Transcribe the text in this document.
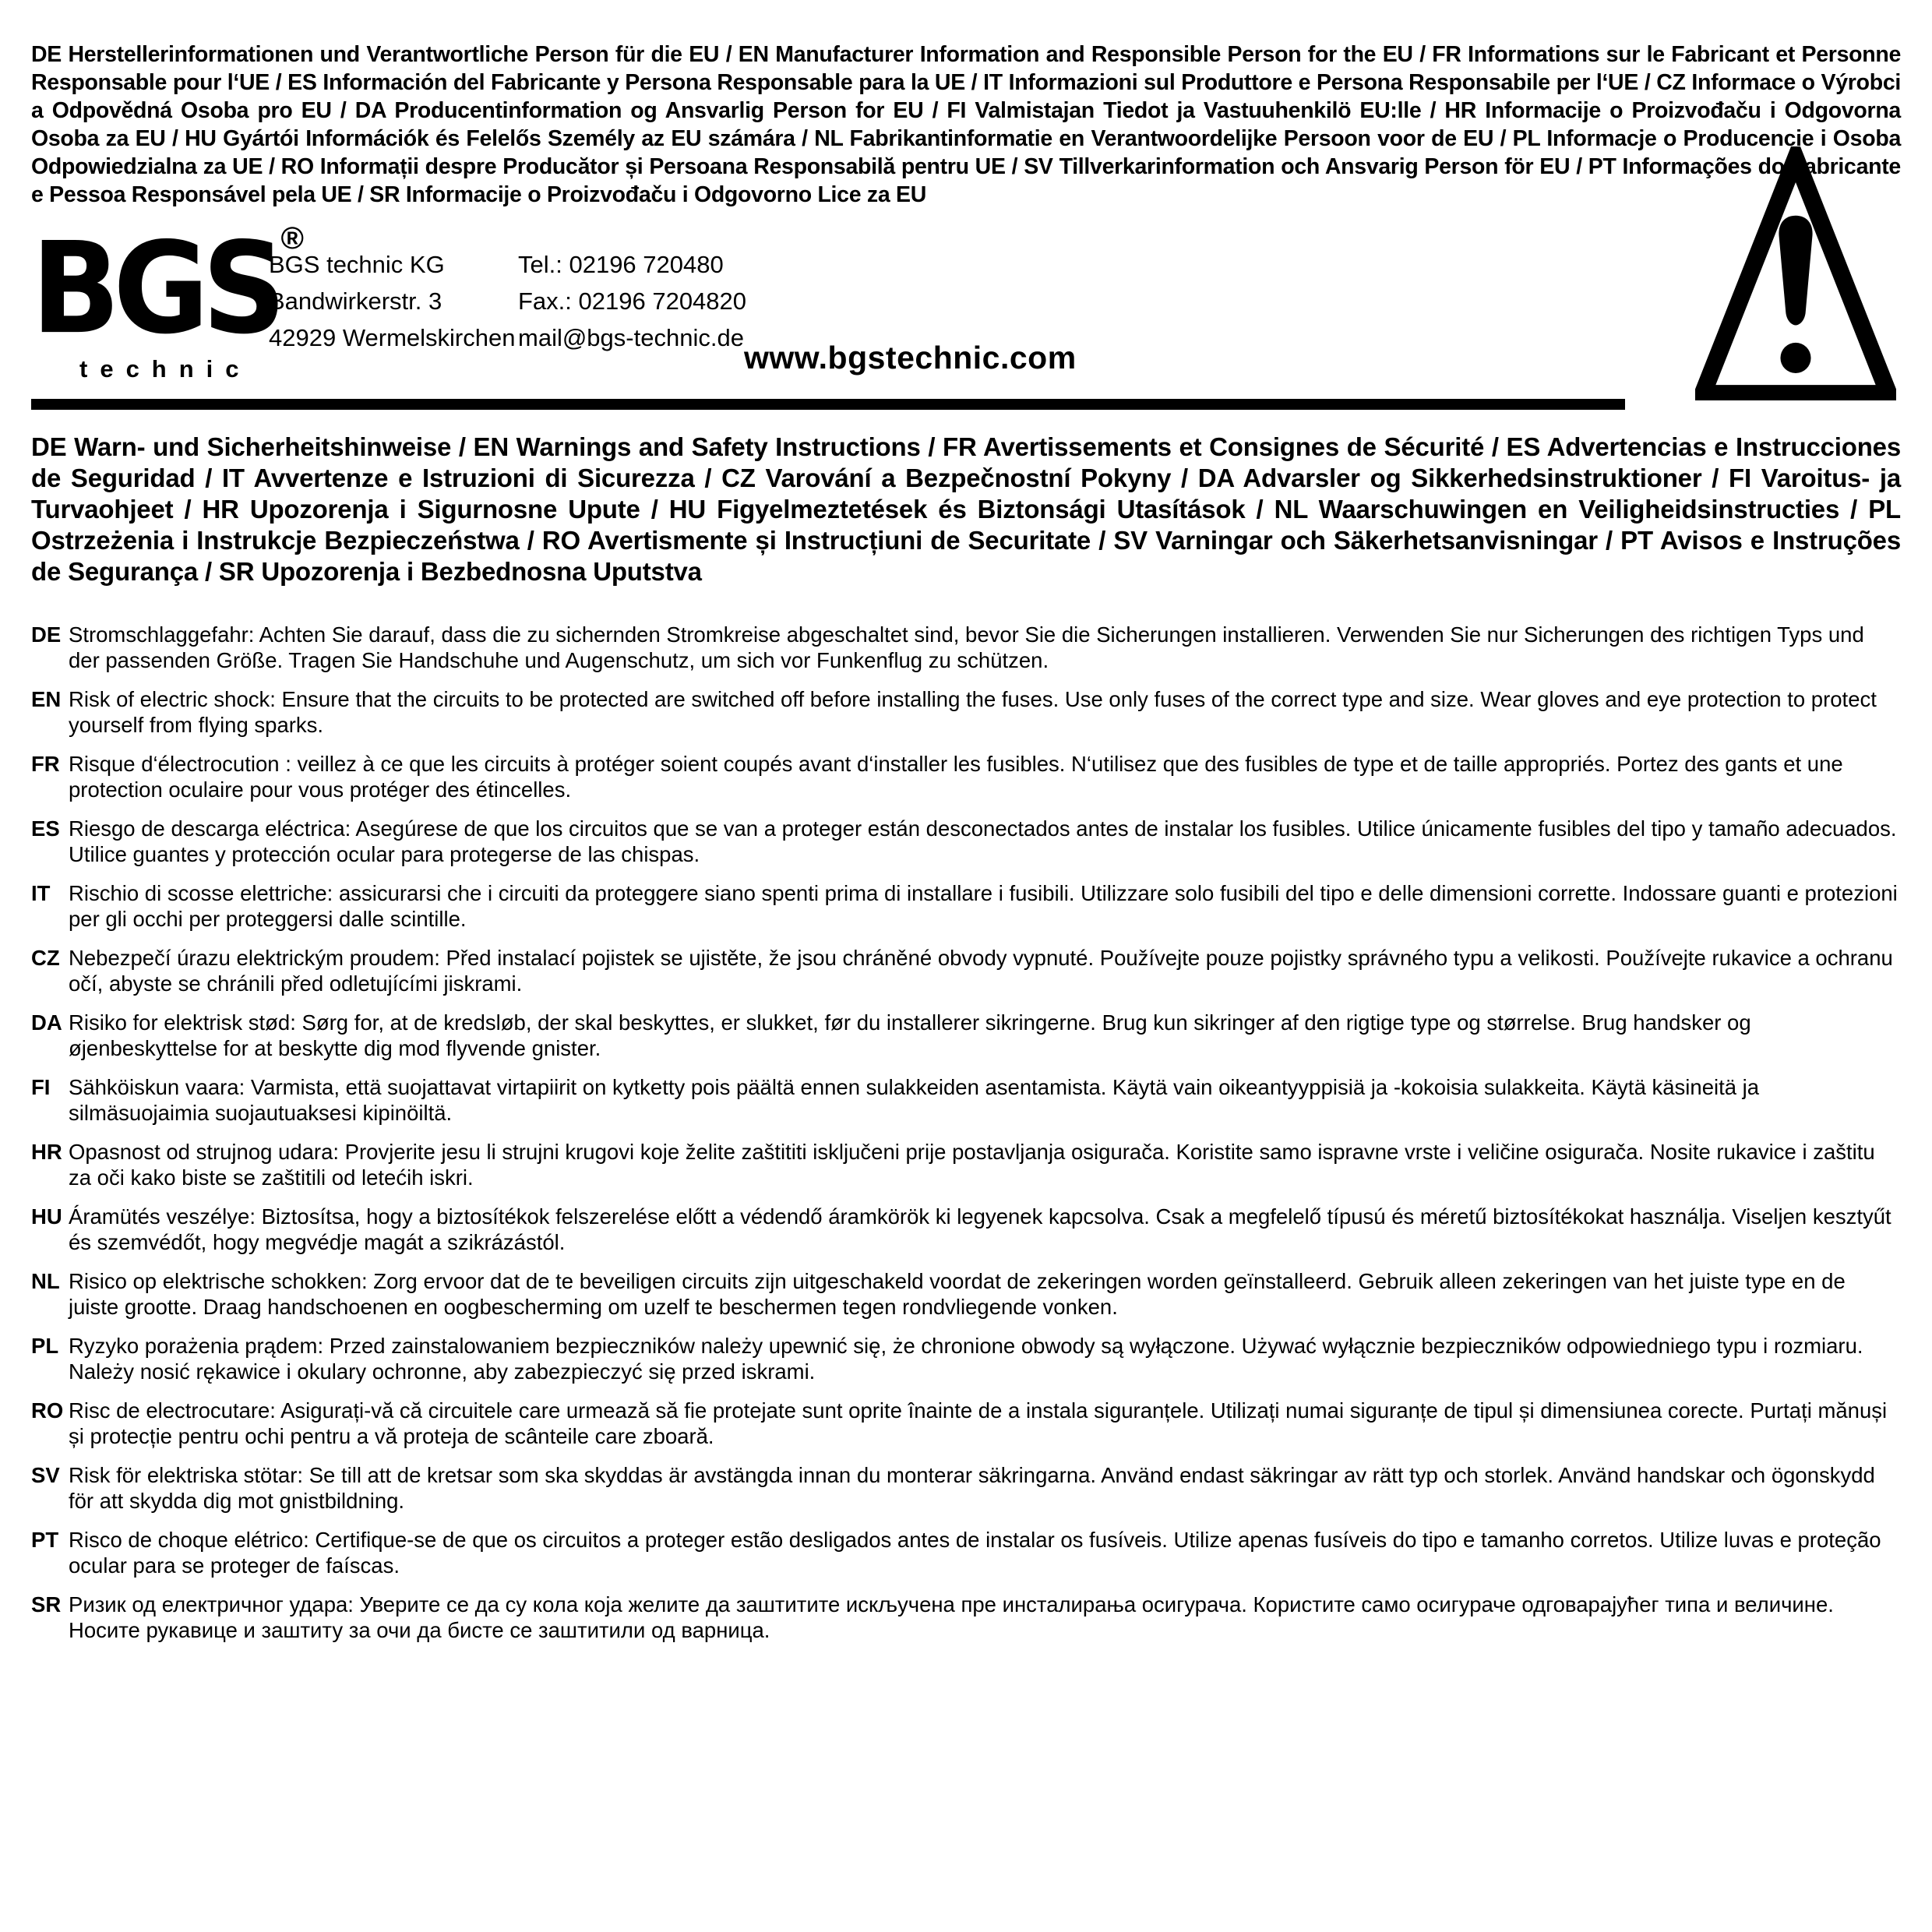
DE Herstellerinformationen und Verantwortliche Person für die EU / EN Manufacturer Information and Responsible Person for the EU / FR Informations sur le Fabricant et Personne Responsable pour l‘UE / ES Información del Fabricante y Persona Responsable para la UE / IT Informazioni sul Produttore e Persona Responsabile per l‘UE / CZ Informace o Výrobci a Odpovědná Osoba pro EU / DA Producentinformation og Ansvarlig Person for EU / FI Valmistajan Tiedot ja Vastuuhenkilö EU:lle / HR Informacije o Proizvođaču i Odgovorna Osoba za EU / HU Gyártói Információk és Felelős Személy az EU számára / NL Fabrikantinformatie en Verantwoordelijke Persoon voor de EU / PL Informacje o Producencie i Osoba Odpowiedzialna za UE / RO Informații despre Producător și Persoana Responsabilă pentru UE / SV Tillverkarinformation och Ansvarig Person för EU / PT Informações do Fabricante e Pessoa Responsável pela UE / SR Informacije o Proizvođaču i Odgovorno Lice za EU

BGS®
technic
BGS technic KG
Bandwirkerstr. 3
42929 Wermelskirchen
Tel.: 02196 720480
Fax.: 02196 7204820
mail@bgs-technic.de
www.bgstechnic.com

DE Warn- und Sicherheitshinweise / EN Warnings and Safety Instructions / FR Avertissements et Consignes de Sécurité / ES Advertencias e Instrucciones de Seguridad / IT Avvertenze e Istruzioni di Sicurezza / CZ Varování a Bezpečnostní Pokyny / DA Advarsler og Sikkerhedsinstruktioner / FI Varoitus- ja Turvaohjeet / HR Upozorenja i Sigurnosne Upute / HU Figyelmeztetések és Biztonsági Utasítások / NL Waarschuwingen en Veiligheidsinstructies / PL Ostrzeżenia i Instrukcje Bezpieczeństwa / RO Avertismente și Instrucțiuni de Securitate / SV Varningar och Säkerhetsanvisningar / PT Avisos e Instruções de Segurança / SR Upozorenja i Bezbednosna Uputstva

DE Stromschlaggefahr: Achten Sie darauf, dass die zu sichernden Stromkreise abgeschaltet sind, bevor Sie die Sicherungen installieren. Verwenden Sie nur Sicherungen des richtigen Typs und der passenden Größe. Tragen Sie Handschuhe und Augenschutz, um sich vor Funkenflug zu schützen.
EN Risk of electric shock: Ensure that the circuits to be protected are switched off before installing the fuses. Use only fuses of the correct type and size. Wear gloves and eye protection to protect yourself from flying sparks.
FR Risque d‘électrocution : veillez à ce que les circuits à protéger soient coupés avant d‘installer les fusibles. N‘utilisez que des fusibles de type et de taille appropriés. Portez des gants et une protection oculaire pour vous protéger des étincelles.
ES Riesgo de descarga eléctrica: Asegúrese de que los circuitos que se van a proteger están desconectados antes de instalar los fusibles. Utilice únicamente fusibles del tipo y tamaño adecuados. Utilice guantes y protección ocular para protegerse de las chispas.
IT Rischio di scosse elettriche: assicurarsi che i circuiti da proteggere siano spenti prima di installare i fusibili. Utilizzare solo fusibili del tipo e delle dimensioni corrette. Indossare guanti e protezioni per gli occhi per proteggersi dalle scintille.
CZ Nebezpečí úrazu elektrickým proudem: Před instalací pojistek se ujistěte, že jsou chráněné obvody vypnuté. Používejte pouze pojistky správného typu a velikosti. Používejte rukavice a ochranu očí, abyste se chránili před odletujícími jiskrami.
DA Risiko for elektrisk stød: Sørg for, at de kredsløb, der skal beskyttes, er slukket, før du installerer sikringerne. Brug kun sikringer af den rigtige type og størrelse. Brug handsker og øjenbeskyttelse for at beskytte dig mod flyvende gnister.
FI Sähköiskun vaara: Varmista, että suojattavat virtapiirit on kytketty pois päältä ennen sulakkeiden asentamista. Käytä vain oikeantyyppisiä ja -kokoisia sulakkeita. Käytä käsineitä ja silmäsuojaimia suojautuaksesi kipinöiltä.
HR Opasnost od strujnog udara: Provjerite jesu li strujni krugovi koje želite zaštititi isključeni prije postavljanja osigurača. Koristite samo ispravne vrste i veličine osigurača. Nosite rukavice i zaštitu za oči kako biste se zaštitili od letećih iskri.
HU Áramütés veszélye: Biztosítsa, hogy a biztosítékok felszerelése előtt a védendő áramkörök ki legyenek kapcsolva. Csak a megfelelő típusú és méretű biztosítékokat használja. Viseljen kesztyűt és szemvédőt, hogy megvédje magát a szikrázástól.
NL Risico op elektrische schokken: Zorg ervoor dat de te beveiligen circuits zijn uitgeschakeld voordat de zekeringen worden geïnstalleerd. Gebruik alleen zekeringen van het juiste type en de juiste grootte. Draag handschoenen en oogbescherming om uzelf te beschermen tegen rondvliegende vonken.
PL Ryzyko porażenia prądem: Przed zainstalowaniem bezpieczników należy upewnić się, że chronione obwody są wyłączone. Używać wyłącznie bezpieczników odpowiedniego typu i rozmiaru. Należy nosić rękawice i okulary ochronne, aby zabezpieczyć się przed iskrami.
RO Risc de electrocutare: Asigurați-vă că circuitele care urmează să fie protejate sunt oprite înainte de a instala siguranțele. Utilizați numai siguranțe de tipul și dimensiunea corecte. Purtați mănuși și protecție pentru ochi pentru a vă proteja de scânteile care zboară.
SV Risk för elektriska stötar: Se till att de kretsar som ska skyddas är avstängda innan du monterar säkringarna. Använd endast säkringar av rätt typ och storlek. Använd handskar och ögonskydd för att skydda dig mot gnistbildning.
PT Risco de choque elétrico: Certifique-se de que os circuitos a proteger estão desligados antes de instalar os fusíveis. Utilize apenas fusíveis do tipo e tamanho corretos. Utilize luvas e proteção ocular para se proteger de faíscas.
SR Ризик од електричног удара: Уверите се да су кола која желите да заштитите искључена пре инсталирања осигурача. Користите само осигураче одговарајућег типа и величине. Носите рукавице и заштиту за очи да бисте се заштитили од варница.
